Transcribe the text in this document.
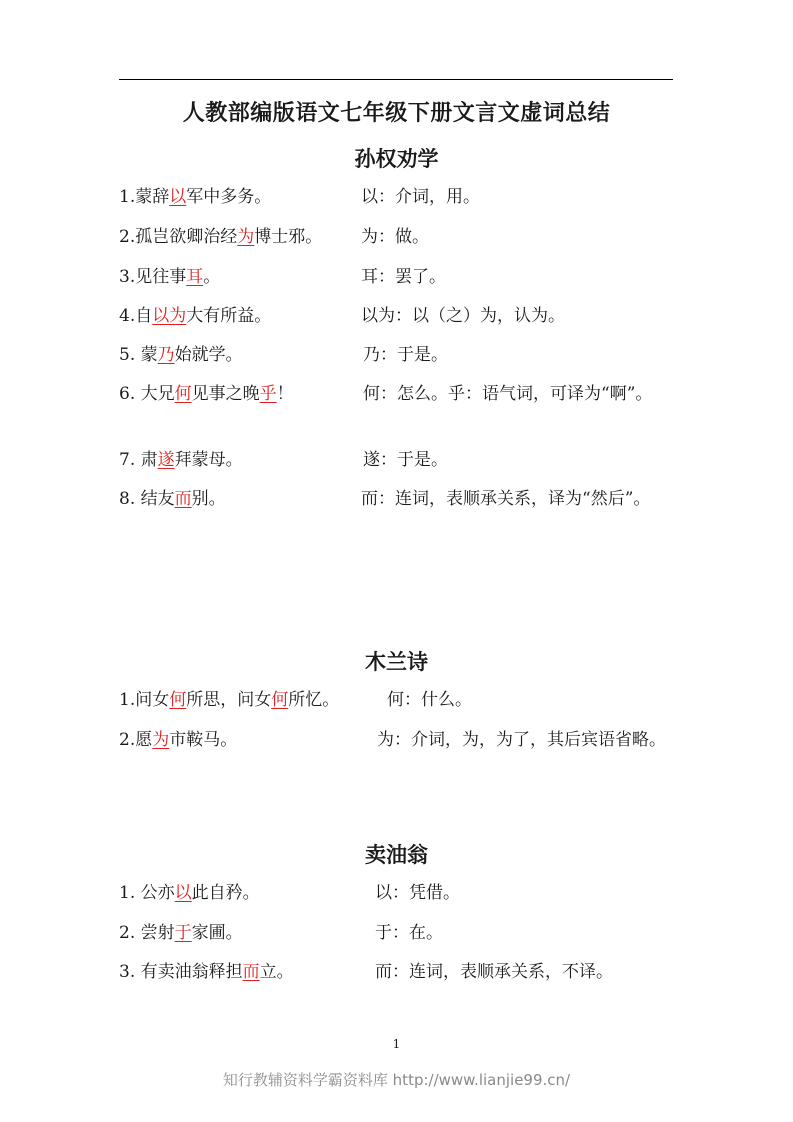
人教部编版语文七年级下册文言文虚词总结
孙权劝学
1.蒙辞以军中多务。	以：介词，用。
2.孤岂欲卿治经为博士邪。 为：做。
3.见往事耳。	耳：罢了。
4.自以为大有所益。	以为：以（之）为，认为。
5. 蒙乃始就学。	乃：于是。
6. 大兄何见事之晚乎！	何：怎么。乎：语气词，可译为“啊”。
7. 肃遂拜蒙母。	遂：于是。
8. 结友而别。	而：连词，表顺承关系，译为“然后”。
木兰诗
1.问女何所思，问女何所忆。	何：什么。
2.愿为市鞍马。	为：介词，为，为了，其后宾语省略。
卖油翁
1. 公亦以此自矜。	以：凭借。
2. 尝射于家圃。	于：在。
3. 有卖油翁释担而立。	而：连词，表顺承关系，不译。
1
知行教辅资料学霸资料库 http://www.lianjie99.cn/
